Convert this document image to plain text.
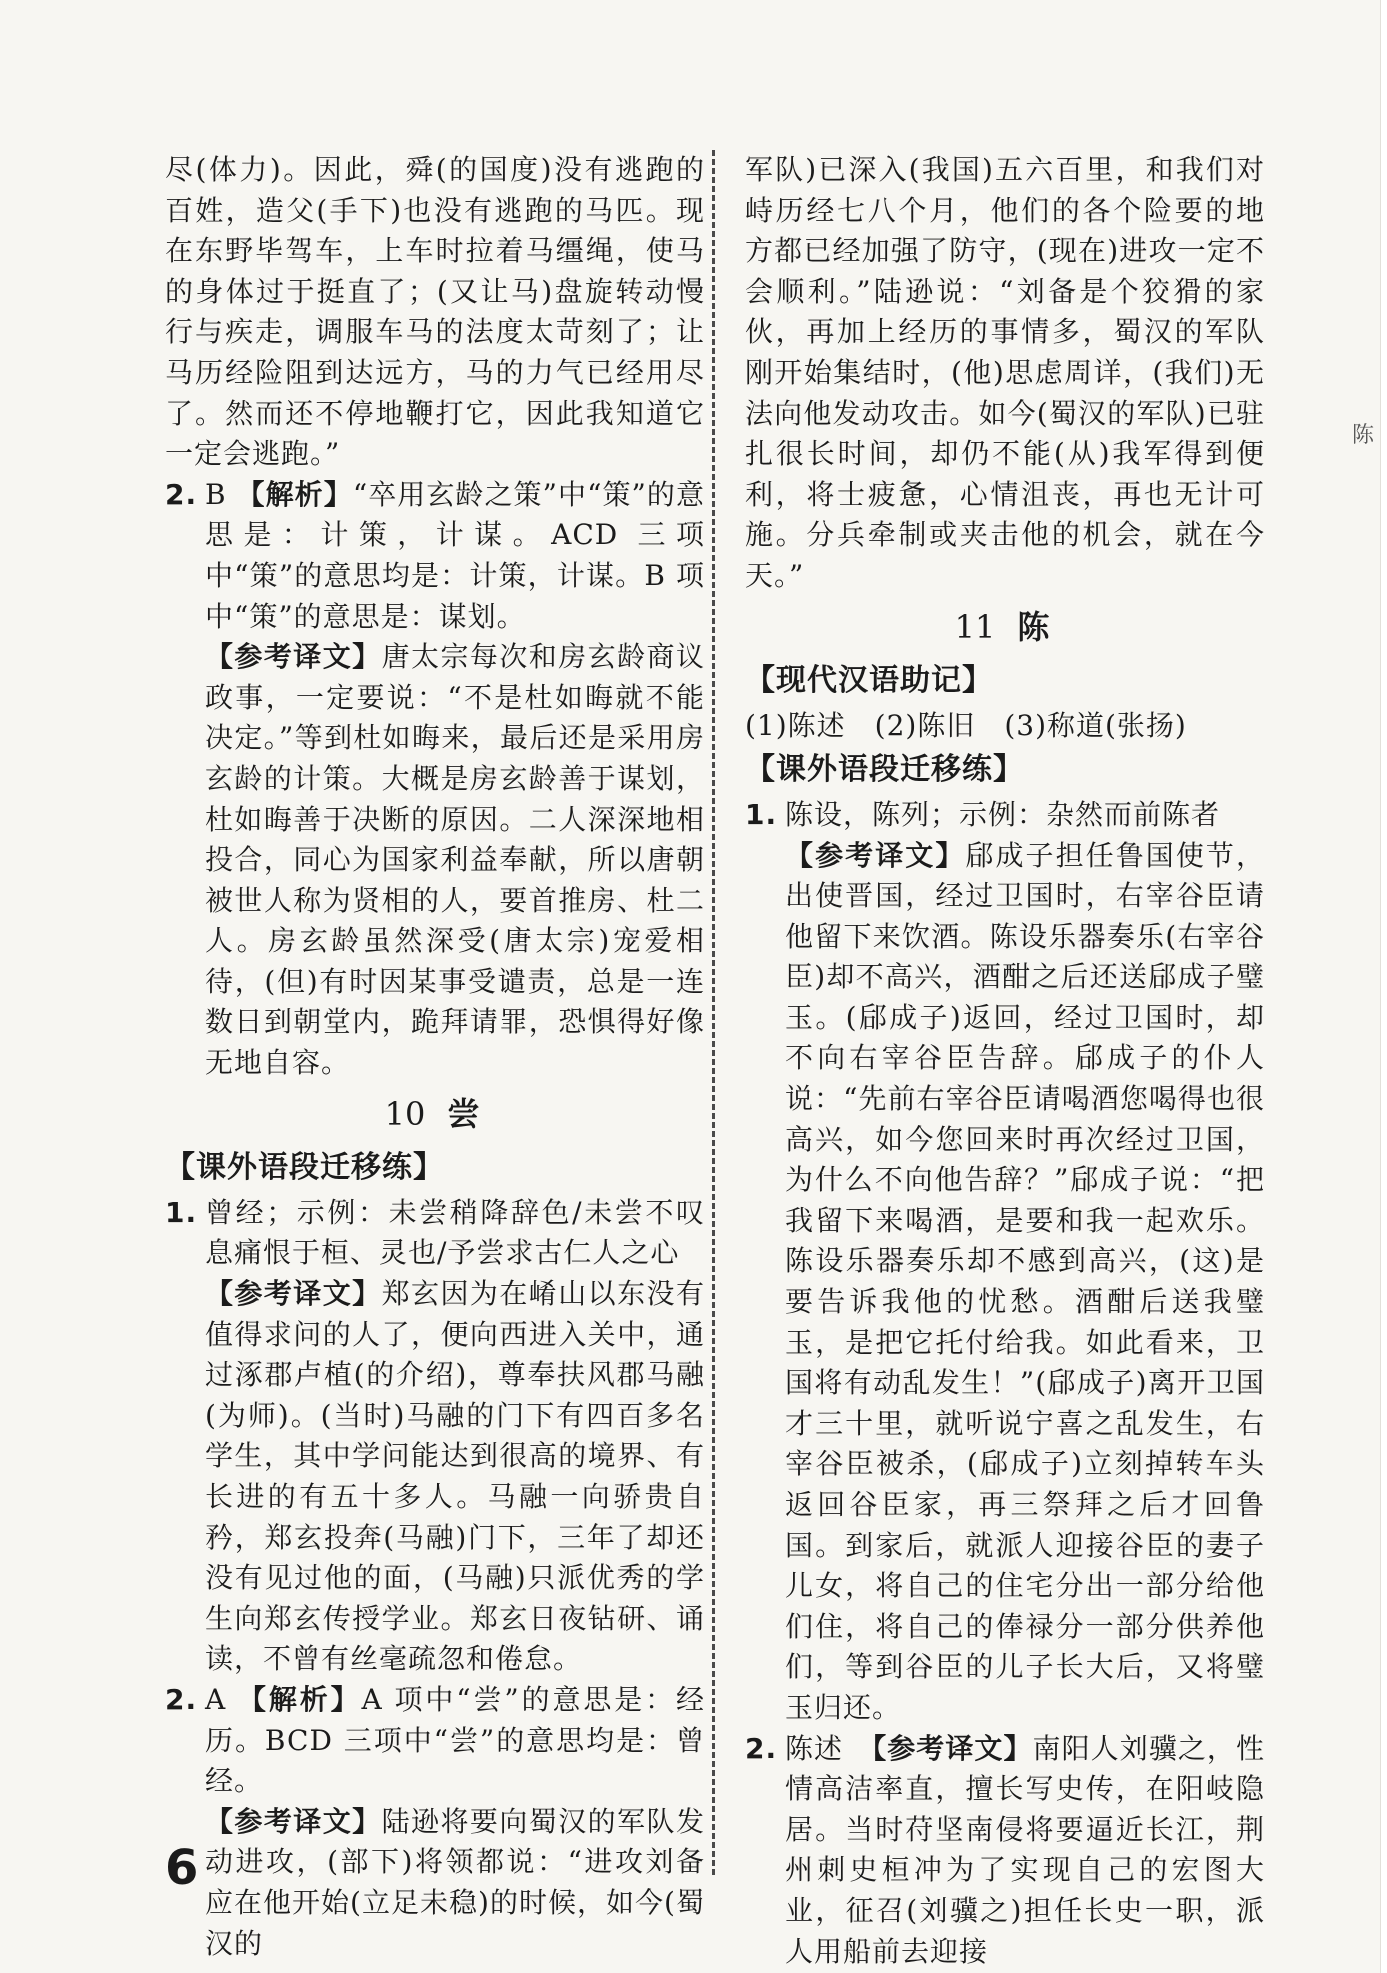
陈

尽(体力)。因此，舜(的国度)没有逃跑的百姓，造父(手下)也没有逃跑的马匹。现在东野毕驾车，上车时拉着马缰绳，使马的身体过于挺直了；(又让马)盘旋转动慢行与疾走，调服车马的法度太苛刻了；让马历经险阻到达远方，马的力气已经用尽了。然而还不停地鞭打它，因此我知道它一定会逃跑。”

2. B 【解析】“卒用玄龄之策”中“策”的意思是：计策，计谋。ACD 三项中“策”的意思均是：计策，计谋。B 项中“策”的意思是：谋划。

【参考译文】唐太宗每次和房玄龄商议政事，一定要说：“不是杜如晦就不能决定。”等到杜如晦来，最后还是采用房玄龄的计策。大概是房玄龄善于谋划，杜如晦善于决断的原因。二人深深地相投合，同心为国家利益奉献，所以唐朝被世人称为贤相的人，要首推房、杜二人。房玄龄虽然深受(唐太宗)宠爱相待，(但)有时因某事受谴责，总是一连数日到朝堂内，跪拜请罪，恐惧得好像无地自容。

10 尝
【课外语段迁移练】

1. 曾经；示例：未尝稍降辞色/未尝不叹息痛恨于桓、灵也/予尝求古仁人之心

【参考译文】郑玄因为在崤山以东没有值得求问的人了，便向西进入关中，通过涿郡卢植(的介绍)，尊奉扶风郡马融(为师)。(当时)马融的门下有四百多名学生，其中学问能达到很高的境界、有长进的有五十多人。马融一向骄贵自矜，郑玄投奔(马融)门下，三年了却还没有见过他的面，(马融)只派优秀的学生向郑玄传授学业。郑玄日夜钻研、诵读，不曾有丝毫疏忽和倦怠。

2. A 【解析】A 项中“尝”的意思是：经历。BCD 三项中“尝”的意思均是：曾经。

【参考译文】陆逊将要向蜀汉的军队发动进攻，(部下)将领都说：“进攻刘备应在他开始(立足未稳)的时候，如今(蜀汉的

军队)已深入(我国)五六百里，和我们对峙历经七八个月，他们的各个险要的地方都已经加强了防守，(现在)进攻一定不会顺利。”陆逊说：“刘备是个狡猾的家伙，再加上经历的事情多，蜀汉的军队刚开始集结时，(他)思虑周详，(我们)无法向他发动攻击。如今(蜀汉的军队)已驻扎很长时间，却仍不能(从)我军得到便利，将士疲惫，心情沮丧，再也无计可施。分兵牵制或夹击他的机会，就在今天。”

11 陈
【现代汉语助记】

(1)陈述　(2)陈旧　(3)称道(张扬)

【课外语段迁移练】

1. 陈设，陈列；示例：杂然而前陈者

【参考译文】郈成子担任鲁国使节，出使晋国，经过卫国时，右宰谷臣请他留下来饮酒。陈设乐器奏乐(右宰谷臣)却不高兴，酒酣之后还送郈成子璧玉。(郈成子)返回，经过卫国时，却不向右宰谷臣告辞。郈成子的仆人说：“先前右宰谷臣请喝酒您喝得也很高兴，如今您回来时再次经过卫国，为什么不向他告辞？”郈成子说：“把我留下来喝酒，是要和我一起欢乐。陈设乐器奏乐却不感到高兴，(这)是要告诉我他的忧愁。酒酣后送我璧玉，是把它托付给我。如此看来，卫国将有动乱发生！”(郈成子)离开卫国才三十里，就听说宁喜之乱发生，右宰谷臣被杀，(郈成子)立刻掉转车头返回谷臣家，再三祭拜之后才回鲁国。到家后，就派人迎接谷臣的妻子儿女，将自己的住宅分出一部分给他们住，将自己的俸禄分一部分供养他们，等到谷臣的儿子长大后，又将璧玉归还。

2. 陈述　【参考译文】南阳人刘骥之，性情高洁率直，擅长写史传，在阳岐隐居。当时苻坚南侵将要逼近长江，荆州刺史桓冲为了实现自己的宏图大业，征召(刘骥之)担任长史一职，派人用船前去迎接

6
